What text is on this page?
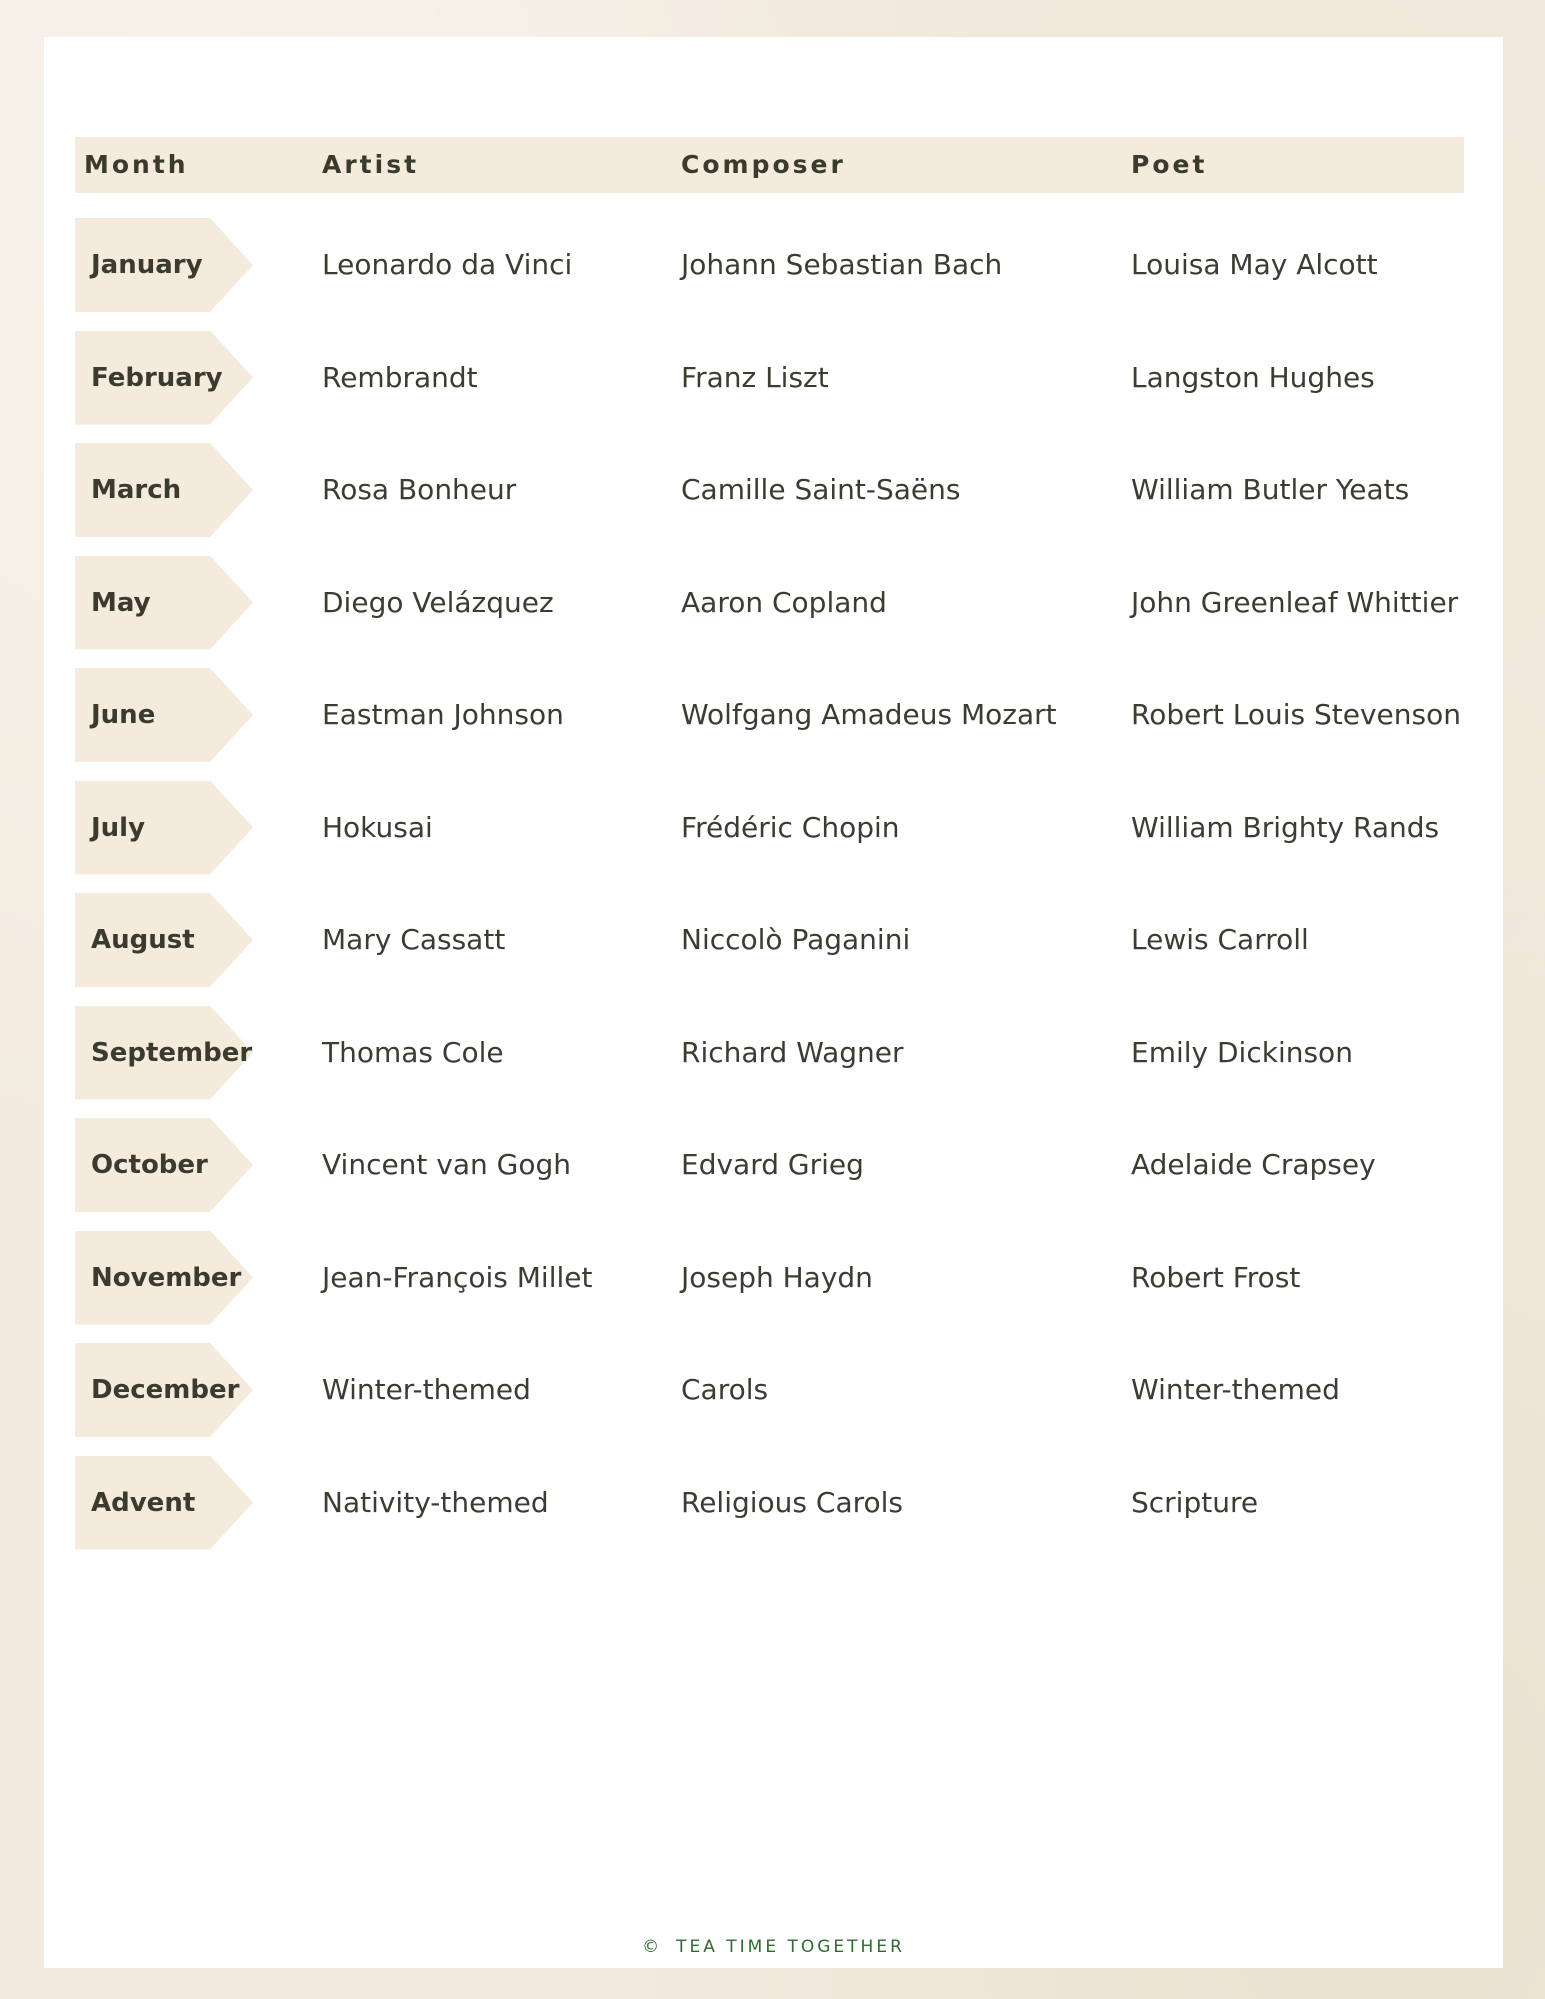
Month	Artist	Composer	Poet
January	Leonardo da Vinci	Johann Sebastian Bach	Louisa May Alcott
February	Rembrandt	Franz Liszt	Langston Hughes
March	Rosa Bonheur	Camille Saint-Saëns	William Butler Yeats
May	Diego Velázquez	Aaron Copland	John Greenleaf Whittier
June	Eastman Johnson	Wolfgang Amadeus Mozart	Robert Louis Stevenson
July	Hokusai	Frédéric Chopin	William Brighty Rands
August	Mary Cassatt	Niccolò Paganini	Lewis Carroll
September Thomas Cole	Richard Wagner	Emily Dickinson
October	Vincent van Gogh	Edvard Grieg	Adelaide Crapsey
November	Jean-François Millet	Joseph Haydn	Robert Frost
December	Winter-themed	Carols	Winter-themed
Advent	Nativity-themed	Religious Carols	Scripture
© TEA TIME TOGETHER
